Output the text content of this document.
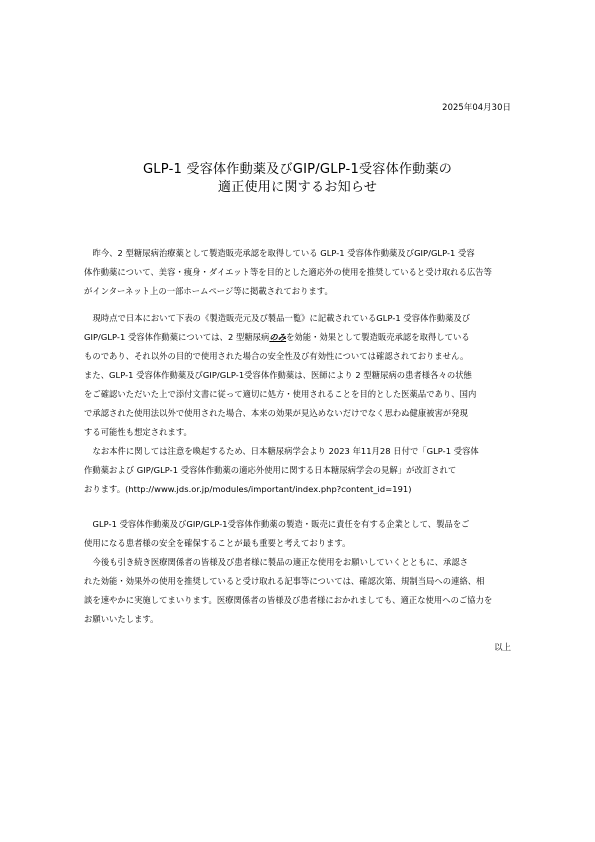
2025年04月30日
GLP-1 受容体作動薬及びGIP/GLP-1受容体作動薬の
適正使用に関するお知らせ
昨今、2 型糖尿病治療薬として製造販売承認を取得している GLP-1 受容体作動薬及びGIP/GLP-1 受容
体作動薬について、美容・痩身・ダイエット等を目的とした適応外の使用を推奨していると受け取れる広告等
がインターネット上の一部ホームページ等に掲載されております。
現時点で日本において下表の《製造販売元及び製品一覧》に記載されているGLP-1 受容体作動薬及び
GIP/GLP-1 受容体作動薬については、2 型糖尿病のみを効能・効果として製造販売承認を取得している
ものであり、それ以外の目的で使用された場合の安全性及び有効性については確認されておりません。
また、GLP-1 受容体作動薬及びGIP/GLP-1受容体作動薬は、医師により 2 型糖尿病の患者様各々の状態
をご確認いただいた上で添付文書に従って適切に処方・使用されることを目的とした医薬品であり、国内
で承認された使用法以外で使用された場合、本来の効果が見込めないだけでなく思わぬ健康被害が発現
する可能性も想定されます。
なお本件に関しては注意を喚起するため、日本糖尿病学会より 2023 年11月28 日付で「GLP-1 受容体
作動薬および GIP/GLP-1 受容体作動薬の適応外使用に関する日本糖尿病学会の見解」が改訂されて
おります。(http://www.jds.or.jp/modules/important/index.php?content_id=191)
GLP-1 受容体作動薬及びGIP/GLP-1受容体作動薬の製造・販売に責任を有する企業として、製品をご
使用になる患者様の安全を確保することが最も重要と考えております。
今後も引き続き医療関係者の皆様及び患者様に製品の適正な使用をお願いしていくとともに、承認さ
れた効能・効果外の使用を推奨していると受け取れる記事等については、確認次第、規制当局への連絡、相
談を速やかに実施してまいります。医療関係者の皆様及び患者様におかれましても、適正な使用へのご協力を
お願いいたします。
以上
